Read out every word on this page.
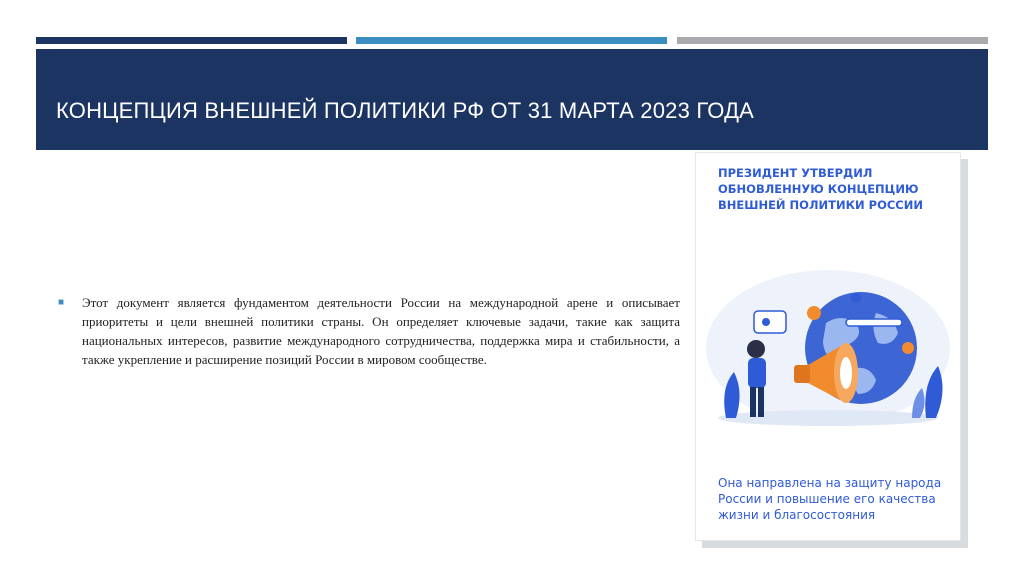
КОНЦЕПЦИЯ ВНЕШНЕЙ ПОЛИТИКИ РФ ОТ 31 МАРТА 2023 ГОДА
■	Этот документ является фундаментом деятельности России на международной арене и описывает приоритеты и цели внешней политики страны. Он определяет ключевые задачи, такие как защита национальных интересов, развитие международного сотрудничества, поддержка мира и стабильности, а также укрепление и расширение позиций России в мировом сообществе.

ПРЕЗИДЕНТ УТВЕРДИЛ ОБНОВЛЕННУЮ КОНЦЕПЦИЮ ВНЕШНЕЙ ПОЛИТИКИ РОССИИ
Она направлена на защиту народа России и повышение его качества жизни и благосостояния
